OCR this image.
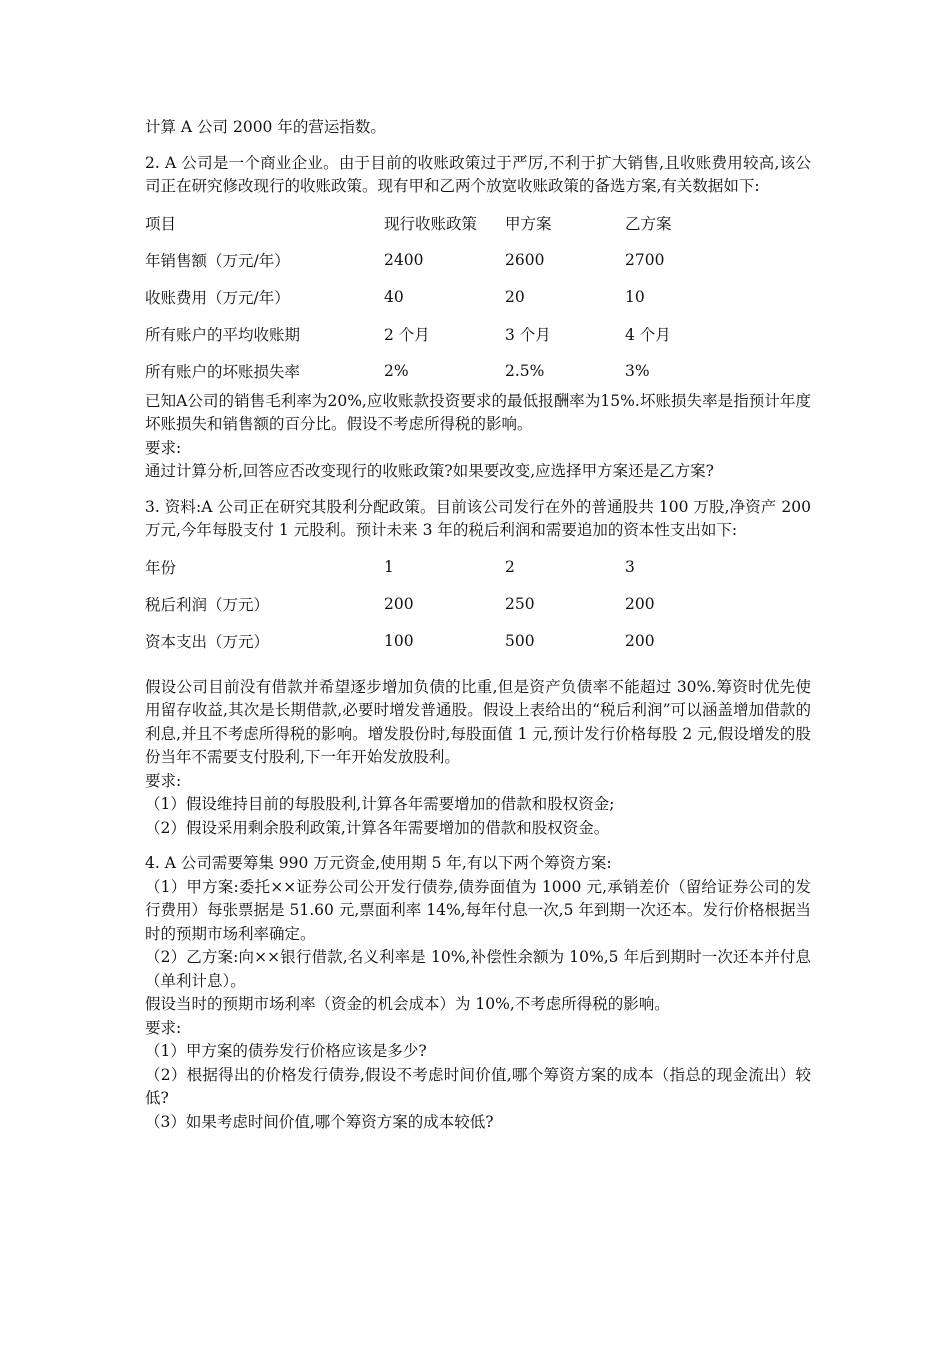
计算 A 公司 2000 年的营运指数。

2. A 公司是一个商业企业。由于目前的收账政策过于严厉,不利于扩大销售,且收账费用较高,该公司正在研究修改现行的收账政策。现有甲和乙两个放宽收账政策的备选方案,有关数据如下:

项目	现行收账政策	甲方案	乙方案
年销售额（万元/年）	2400	2600	2700
收账费用（万元/年）	40	20	10
所有账户的平均收账期	2 个月	3 个月	4 个月
所有账户的坏账损失率	2%	2.5%	3%

已知A公司的销售毛利率为20%,应收账款投资要求的最低报酬率为15%.坏账损失率是指预计年度坏账损失和销售额的百分比。假设不考虑所得税的影响。

要求:

通过计算分析,回答应否改变现行的收账政策?如果要改变,应选择甲方案还是乙方案?

3. 资料:A 公司正在研究其股利分配政策。目前该公司发行在外的普通股共 100 万股,净资产 200 万元,今年每股支付 1 元股利。预计未来 3 年的税后利润和需要追加的资本性支出如下:

年份	1	2	3
税后利润（万元）	200	250	200
资本支出（万元）	100	500	200

假设公司目前没有借款并希望逐步增加负债的比重,但是资产负债率不能超过 30%.筹资时优先使用留存收益,其次是长期借款,必要时增发普通股。假设上表给出的“税后利润”可以涵盖增加借款的利息,并且不考虑所得税的影响。增发股份时,每股面值 1 元,预计发行价格每股 2 元,假设增发的股份当年不需要支付股利,下一年开始发放股利。

要求:

（1）假设维持目前的每股股利,计算各年需要增加的借款和股权资金;

（2）假设采用剩余股利政策,计算各年需要增加的借款和股权资金。

4. A 公司需要筹集 990 万元资金,使用期 5 年,有以下两个筹资方案:

（1）甲方案:委托××证券公司公开发行债券,债券面值为 1000 元,承销差价（留给证券公司的发行费用）每张票据是 51.60 元,票面利率 14%,每年付息一次,5 年到期一次还本。发行价格根据当时的预期市场利率确定。

（2）乙方案:向××银行借款,名义利率是 10%,补偿性余额为 10%,5 年后到期时一次还本并付息（单利计息）。

假设当时的预期市场利率（资金的机会成本）为 10%,不考虑所得税的影响。

要求:

（1）甲方案的债券发行价格应该是多少?

（2）根据得出的价格发行债券,假设不考虑时间价值,哪个筹资方案的成本（指总的现金流出）较低?

（3）如果考虑时间价值,哪个筹资方案的成本较低?
